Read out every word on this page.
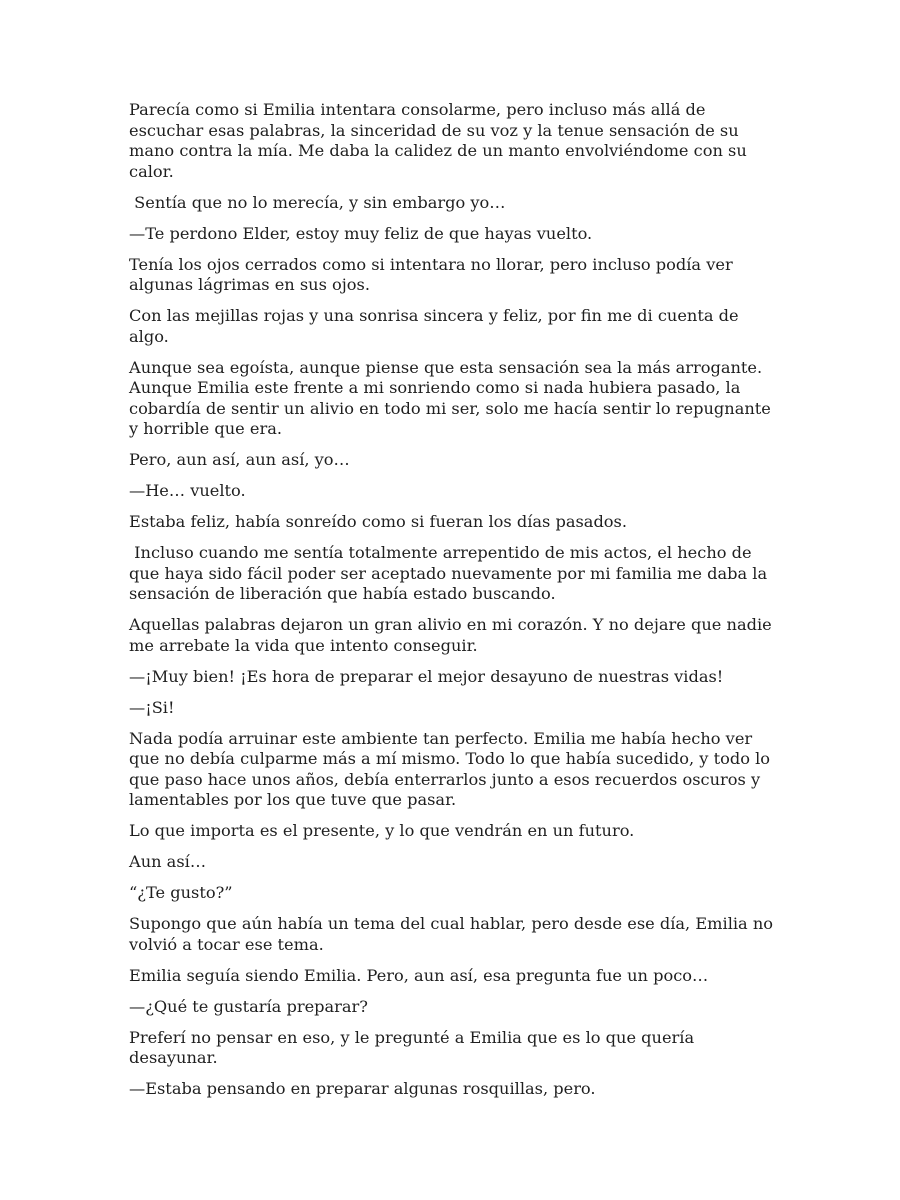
Parecía como si Emilia intentara consolarme, pero incluso más allá de escuchar esas palabras, la sinceridad de su voz y la tenue sensación de su mano contra la mía. Me daba la calidez de un manto envolviéndome con su calor.

Sentía que no lo merecía, y sin embargo yo…

—Te perdono Elder, estoy muy feliz de que hayas vuelto.

Tenía los ojos cerrados como si intentara no llorar, pero incluso podía ver algunas lágrimas en sus ojos.

Con las mejillas rojas y una sonrisa sincera y feliz, por fin me di cuenta de algo.

Aunque sea egoísta, aunque piense que esta sensación sea la más arrogante. Aunque Emilia este frente a mi sonriendo como si nada hubiera pasado, la cobardía de sentir un alivio en todo mi ser, solo me hacía sentir lo repugnante y horrible que era.

Pero, aun así, aun así, yo…

—He… vuelto.

Estaba feliz, había sonreído como si fueran los días pasados.

Incluso cuando me sentía totalmente arrepentido de mis actos, el hecho de que haya sido fácil poder ser aceptado nuevamente por mi familia me daba la sensación de liberación que había estado buscando.

Aquellas palabras dejaron un gran alivio en mi corazón. Y no dejare que nadie me arrebate la vida que intento conseguir.

—¡Muy bien! ¡Es hora de preparar el mejor desayuno de nuestras vidas!

—¡Si!

Nada podía arruinar este ambiente tan perfecto. Emilia me había hecho ver que no debía culparme más a mí mismo. Todo lo que había sucedido, y todo lo que paso hace unos años, debía enterrarlos junto a esos recuerdos oscuros y lamentables por los que tuve que pasar.

Lo que importa es el presente, y lo que vendrán en un futuro.

Aun así…

“¿Te gusto?”

Supongo que aún había un tema del cual hablar, pero desde ese día, Emilia no volvió a tocar ese tema.

Emilia seguía siendo Emilia. Pero, aun así, esa pregunta fue un poco…

—¿Qué te gustaría preparar?

Preferí no pensar en eso, y le pregunté a Emilia que es lo que quería desayunar.

—Estaba pensando en preparar algunas rosquillas, pero.
